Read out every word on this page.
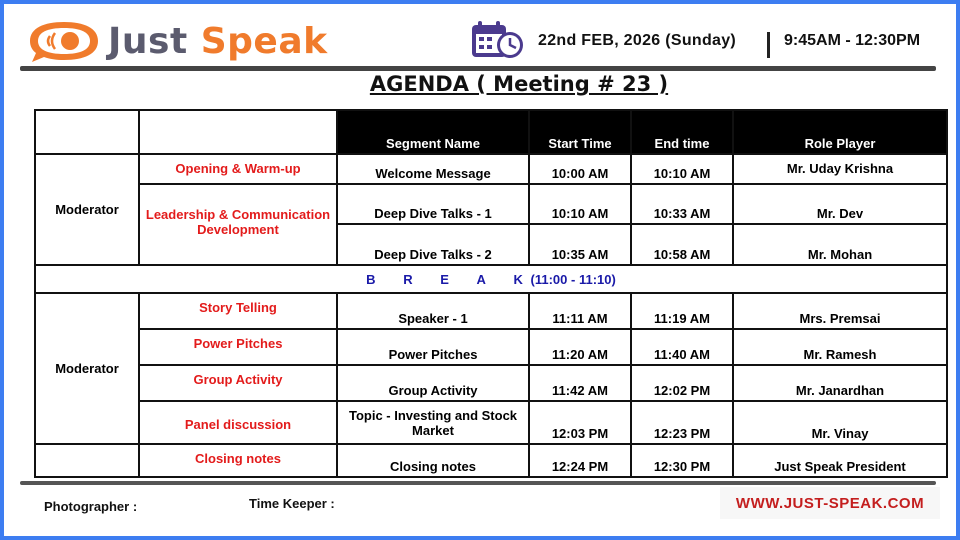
Just Speak	22nd FEB, 2026 (Sunday)	9:45AM - 12:30PM
AGENDA ( Meeting # 23 )
		Segment Name	Start Time	End time	Role Player
Moderator	Opening & Warm-up	Welcome Message	10:00 AM	10:10 AM	Mr. Uday Krishna
	Leadership & Communication Development	Deep Dive Talks - 1	10:10 AM	10:33 AM	Mr. Dev
		Deep Dive Talks - 2	10:35 AM	10:58 AM	Mr. Mohan
B R E A K (11:00 - 11:10)					
Moderator	Story Telling	Speaker - 1	11:11 AM	11:19 AM	Mrs. Premsai
	Power Pitches	Power Pitches	11:20 AM	11:40 AM	Mr. Ramesh
	Group Activity	Group Activity	11:42 AM	12:02 PM	Mr. Janardhan
	Panel discussion	Topic - Investing and Stock Market	12:03 PM	12:23 PM	Mr. Vinay
	Closing notes	Closing notes	12:24 PM	12:30 PM	Just Speak President
Photographer :	Time Keeper :	WWW.JUST-SPEAK.COM
